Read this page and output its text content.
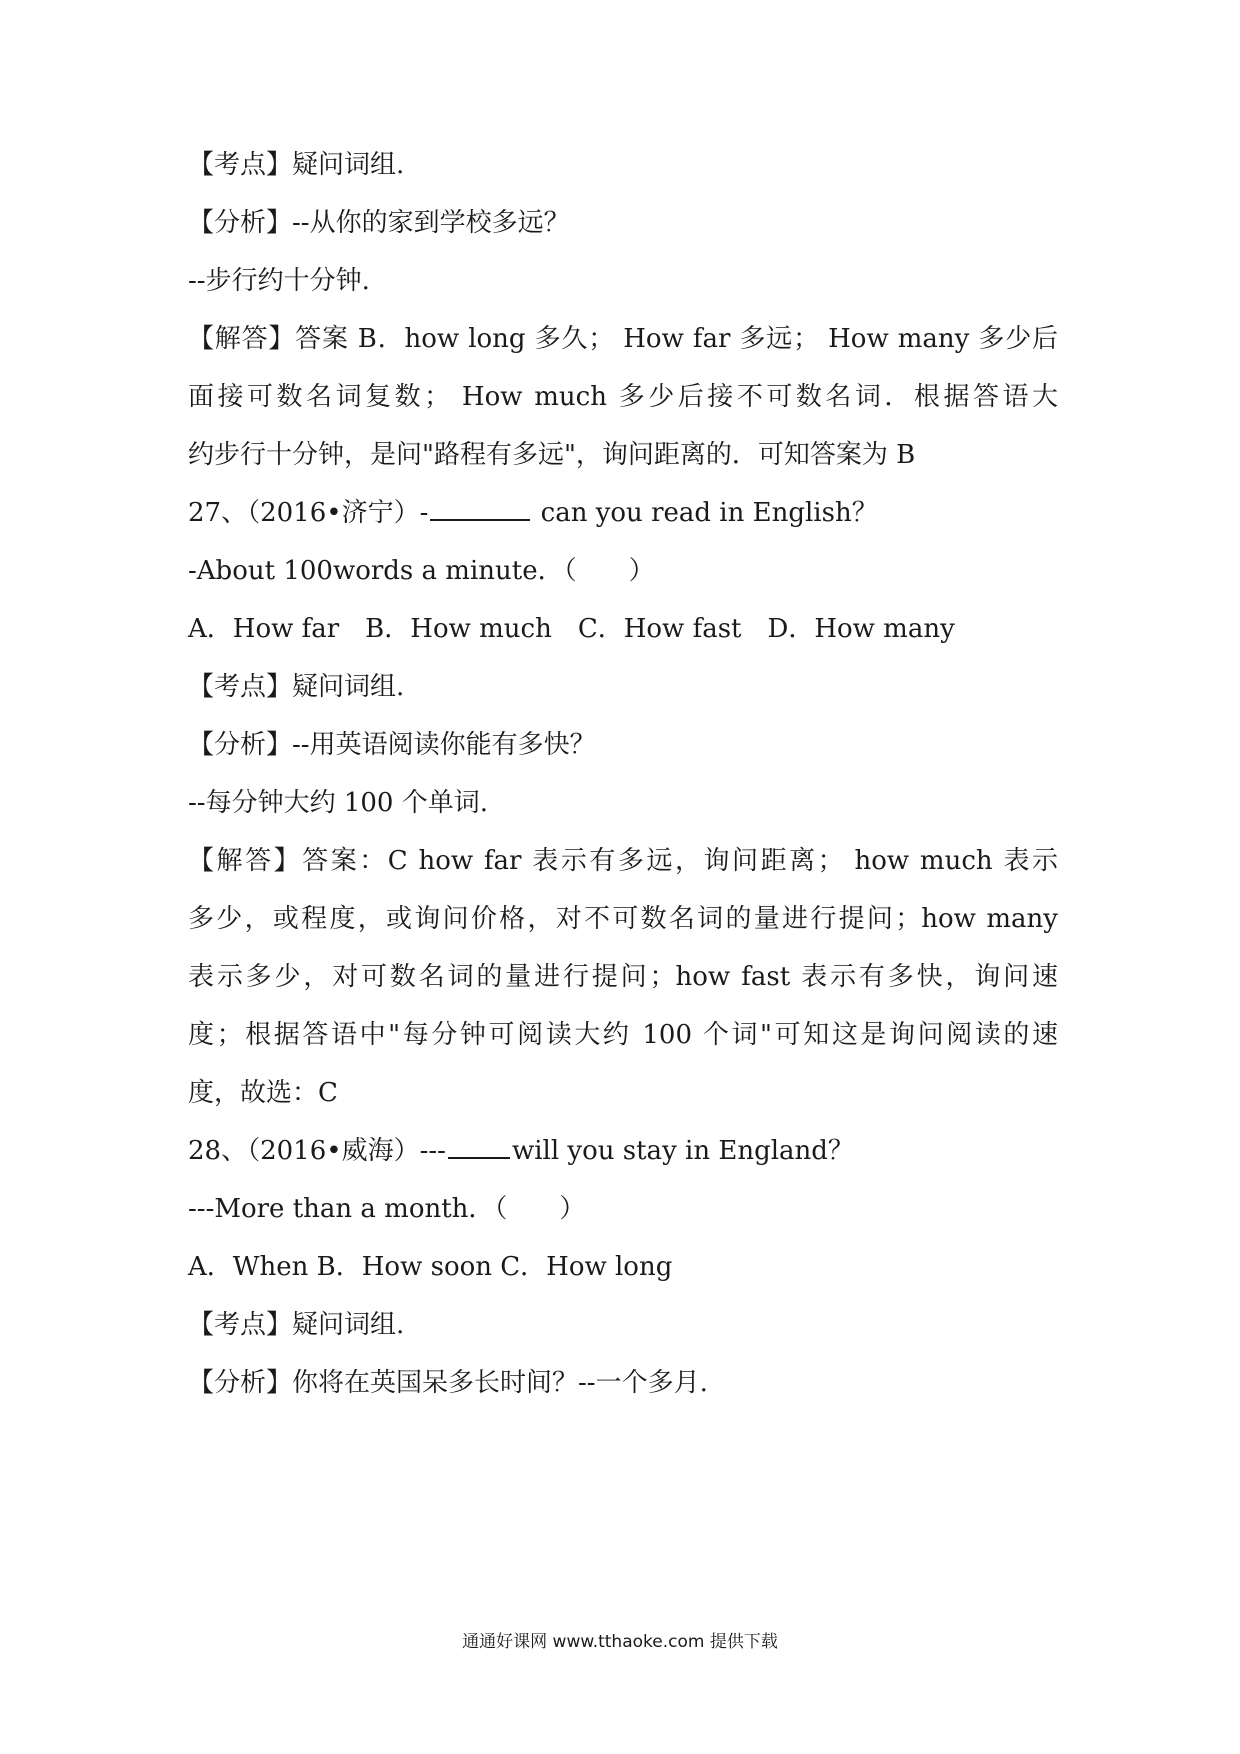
【考点】疑问词组.
【分析】--从你的家到学校多远？
--步行约十分钟.
【解答】答案 B．how long 多久； How far 多远； How many 多少后
面接可数名词复数； How much 多少后接不可数名词．根据答语大
约步行十分钟，是问"路程有多远"，询问距离的．可知答案为 B
27、（2016•济宁）-	can you read in English？
-About 100words a minute．（　　）
A．How far　B．How much　C．How fast　D．How many
【考点】疑问词组.
【分析】--用英语阅读你能有多快？
--每分钟大约 100 个单词.
【解答】答案：C how far 表示有多远，询问距离； how much 表示
多少，或程度，或询问价格，对不可数名词的量进行提问；how many
表示多少，对可数名词的量进行提问；how fast 表示有多快，询问速
度；根据答语中"每分钟可阅读大约 100 个词"可知这是询问阅读的速
度，故选：C
28、（2016•威海）---	will you stay in England？
---More than a month．（　　）
A．When B．How soon C．How long
【考点】疑问词组.
【分析】你将在英国呆多长时间？--一个多月.
通通好课网 www.tthaoke.com 提供下载
